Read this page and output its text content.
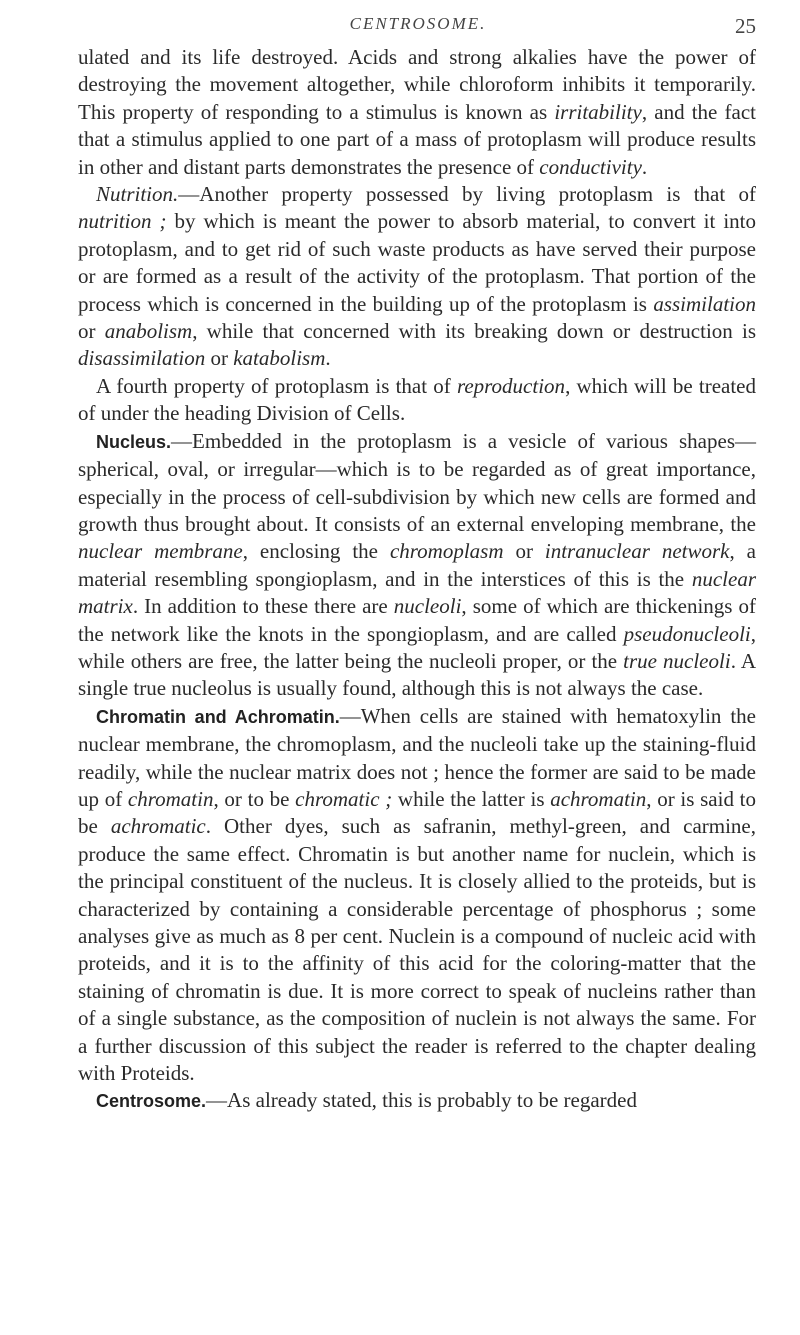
CENTROSOME.	25

ulated and its life destroyed. Acids and strong alkalies have the power of destroying the movement altogether, while chloroform inhibits it temporarily. This property of responding to a stimulus is known as irritability, and the fact that a stimulus applied to one part of a mass of protoplasm will produce results in other and distant parts demonstrates the presence of conductivity.

Nutrition.—Another property possessed by living protoplasm is that of nutrition ; by which is meant the power to absorb material, to convert it into protoplasm, and to get rid of such waste products as have served their purpose or are formed as a result of the activity of the protoplasm. That portion of the process which is concerned in the building up of the protoplasm is assimilation or anabolism, while that concerned with its breaking down or destruction is disassimilation or katabolism.

A fourth property of protoplasm is that of reproduction, which will be treated of under the heading Division of Cells.

Nucleus.—Embedded in the protoplasm is a vesicle of various shapes—spherical, oval, or irregular—which is to be regarded as of great importance, especially in the process of cell-subdivision by which new cells are formed and growth thus brought about. It consists of an external enveloping membrane, the nuclear membrane, enclosing the chromoplasm or intranuclear network, a material resembling spongioplasm, and in the interstices of this is the nuclear matrix. In addition to these there are nucleoli, some of which are thickenings of the network like the knots in the spongioplasm, and are called pseudonucleoli, while others are free, the latter being the nucleoli proper, or the true nucleoli. A single true nucleolus is usually found, although this is not always the case.

Chromatin and Achromatin.—When cells are stained with hematoxylin the nuclear membrane, the chromoplasm, and the nucleoli take up the staining-fluid readily, while the nuclear matrix does not ; hence the former are said to be made up of chromatin, or to be chromatic ; while the latter is achromatin, or is said to be achromatic. Other dyes, such as safranin, methyl-green, and carmine, produce the same effect. Chromatin is but another name for nuclein, which is the principal constituent of the nucleus. It is closely allied to the proteids, but is characterized by containing a considerable percentage of phosphorus ; some analyses give as much as 8 per cent. Nuclein is a compound of nucleic acid with proteids, and it is to the affinity of this acid for the coloring-matter that the staining of chromatin is due. It is more correct to speak of nucleins rather than of a single substance, as the composition of nuclein is not always the same. For a further discussion of this subject the reader is referred to the chapter dealing with Proteids.

Centrosome.—As already stated, this is probably to be regarded
